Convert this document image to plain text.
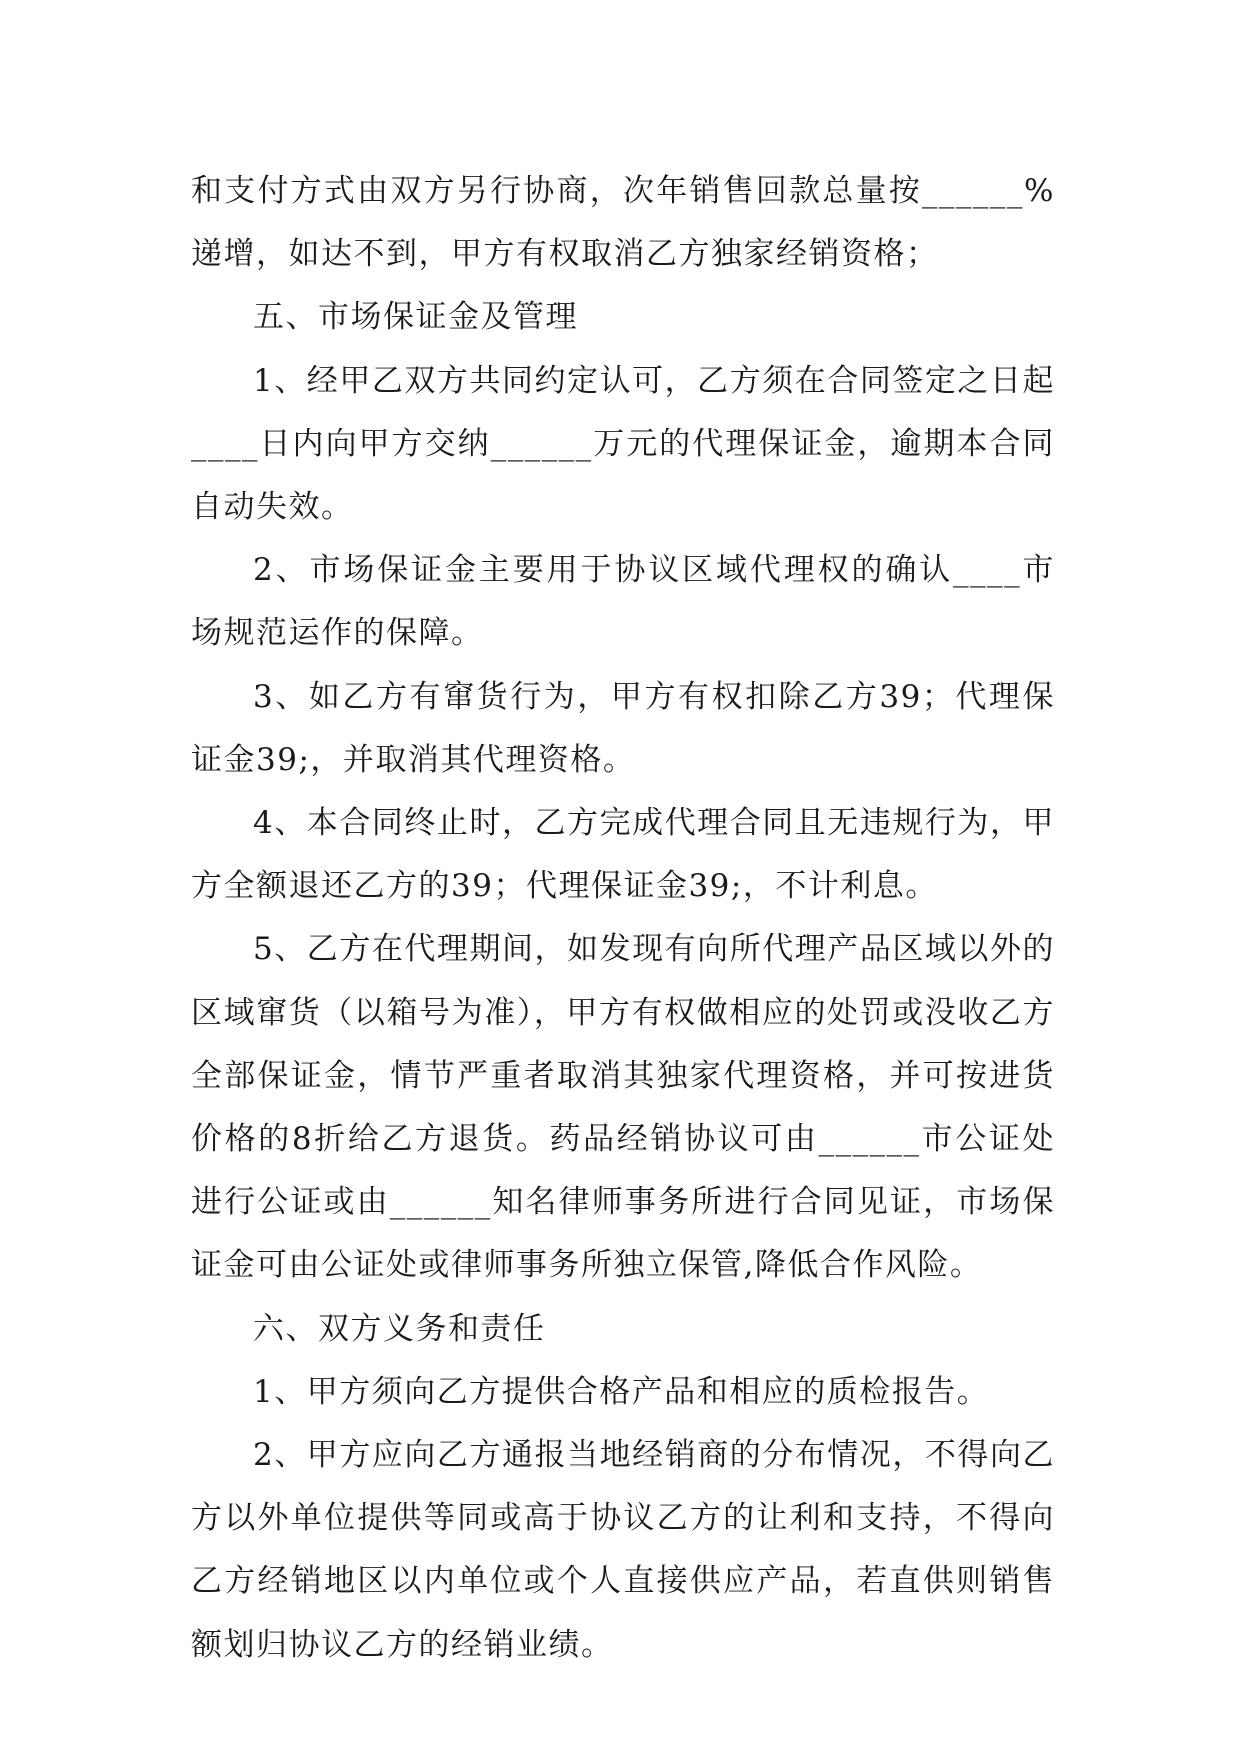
和支付方式由双方另行协商，次年销售回款总量按______%递增，如达不到，甲方有权取消乙方独家经销资格；

五、市场保证金及管理

1、经甲乙双方共同约定认可，乙方须在合同签定之日起____日内向甲方交纳______万元的代理保证金，逾期本合同自动失效。

2、市场保证金主要用于协议区域代理权的确认____市场规范运作的保障。

3、如乙方有窜货行为，甲方有权扣除乙方39；代理保证金39;，并取消其代理资格。

4、本合同终止时，乙方完成代理合同且无违规行为，甲方全额退还乙方的39；代理保证金39;，不计利息。

5、乙方在代理期间，如发现有向所代理产品区域以外的区域窜货（以箱号为准），甲方有权做相应的处罚或没收乙方全部保证金，情节严重者取消其独家代理资格，并可按进货价格的8折给乙方退货。药品经销协议可由______市公证处进行公证或由______知名律师事务所进行合同见证，市场保证金可由公证处或律师事务所独立保管,降低合作风险。

六、双方义务和责任

1、甲方须向乙方提供合格产品和相应的质检报告。

2、甲方应向乙方通报当地经销商的分布情况，不得向乙方以外单位提供等同或高于协议乙方的让利和支持，不得向乙方经销地区以内单位或个人直接供应产品，若直供则销售额划归协议乙方的经销业绩。
